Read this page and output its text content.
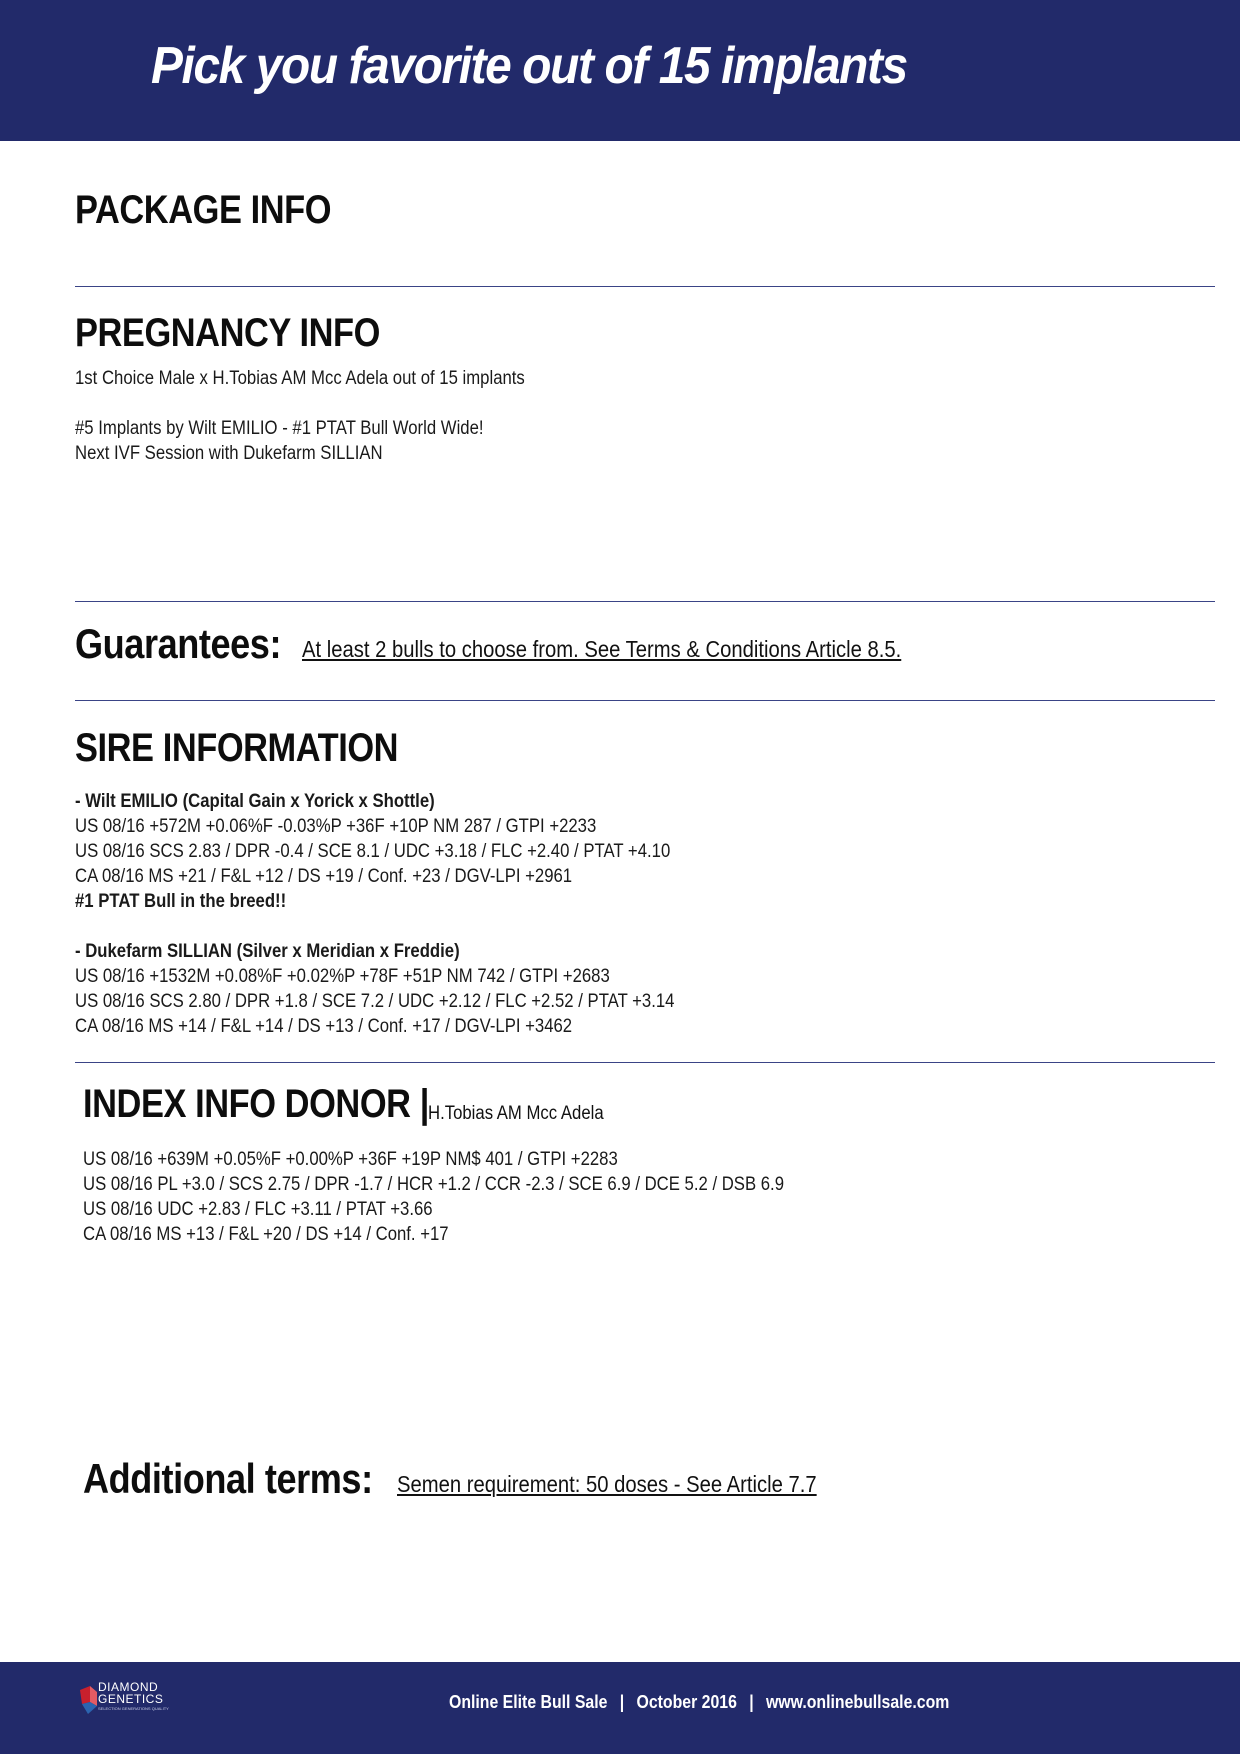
Pick you favorite out of 15 implants
PACKAGE INFO
PREGNANCY INFO
1st Choice Male x H.Tobias AM Mcc Adela out of 15 implants
#5 Implants by Wilt EMILIO - #1 PTAT Bull World Wide!
Next IVF Session with Dukefarm SILLIAN
Guarantees: At least 2 bulls to choose from. See Terms & Conditions Article 8.5.
SIRE INFORMATION
- Wilt EMILIO (Capital Gain x Yorick x Shottle)
US 08/16 +572M +0.06%F -0.03%P +36F +10P NM 287 / GTPI +2233
US 08/16 SCS 2.83 / DPR -0.4 / SCE 8.1 / UDC +3.18 / FLC +2.40 / PTAT +4.10
CA 08/16 MS +21 / F&L +12 / DS +19 / Conf. +23 / DGV-LPI +2961
#1 PTAT Bull in the breed!!
- Dukefarm SILLIAN (Silver x Meridian x Freddie)
US 08/16 +1532M +0.08%F +0.02%P +78F +51P NM 742 / GTPI +2683
US 08/16 SCS 2.80 / DPR +1.8 / SCE 7.2 / UDC +2.12 / FLC +2.52 / PTAT +3.14
CA 08/16 MS +14 / F&L +14 / DS +13 / Conf. +17 / DGV-LPI +3462
INDEX INFO DONOR | H.Tobias AM Mcc Adela
US 08/16 +639M +0.05%F +0.00%P +36F +19P NM$ 401 / GTPI +2283
US 08/16 PL +3.0 / SCS 2.75 / DPR -1.7 / HCR +1.2 / CCR -2.3 / SCE 6.9 / DCE 5.2 / DSB 6.9
US 08/16 UDC +2.83 / FLC +3.11 / PTAT +3.66
CA 08/16 MS +13 / F&L +20 / DS +14 / Conf. +17
Additional terms: Semen requirement: 50 doses - See Article 7.7
DIAMOND
GENETICS
SELECTION GENERATIONS QUALITY	Online Elite Bull Sale | October 2016 | www.onlinebullsale.com
